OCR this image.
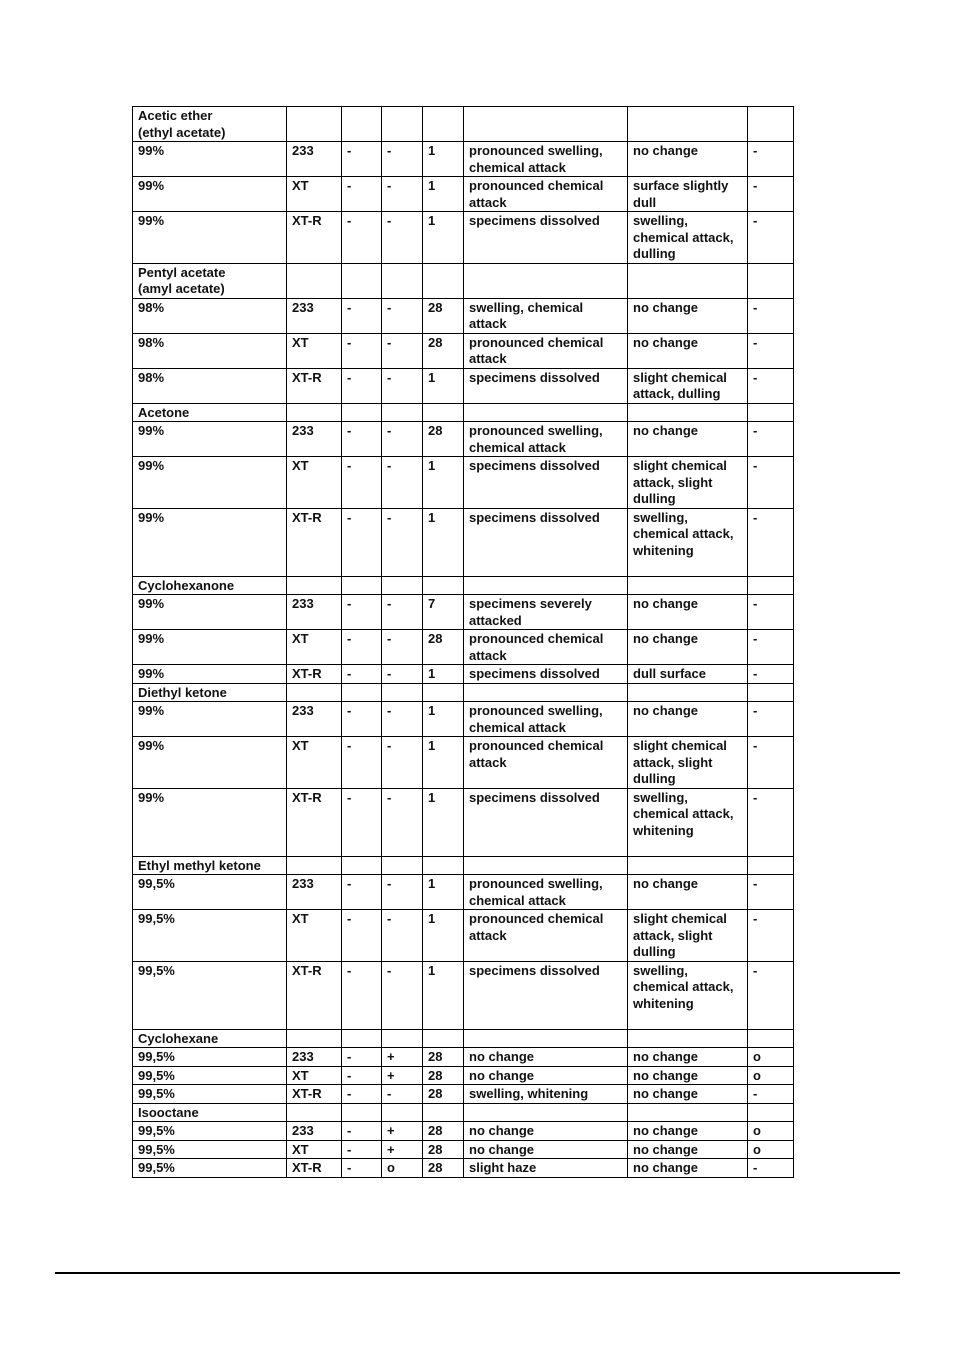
Acetic ether
(ethyl acetate)							
99%	233	-	-	1	pronounced swelling, chemical attack	no change	-
99%	XT	-	-	1	pronounced chemical attack	surface slightly dull	-
99%	XT-R	-	-	1	specimens dissolved	swelling, chemical attack, dulling	-
Pentyl acetate
(amyl acetate)							
98%	233	-	-	28	swelling, chemical attack	no change	-
98%	XT	-	-	28	pronounced chemical attack	no change	-
98%	XT-R	-	-	1	specimens dissolved	slight chemical attack, dulling	-
Acetone							
99%	233	-	-	28	pronounced swelling, chemical attack	no change	-
99%	XT	-	-	1	specimens dissolved	slight chemical attack, slight dulling	-
99%	XT-R	-	-	1	specimens dissolved	swelling, chemical attack, whitening	-
Cyclohexanone							
99%	233	-	-	7	specimens severely attacked	no change	-
99%	XT	-	-	28	pronounced chemical attack	no change	-
99%	XT-R	-	-	1	specimens dissolved	dull surface	-
Diethyl ketone							
99%	233	-	-	1	pronounced swelling, chemical attack	no change	-
99%	XT	-	-	1	pronounced chemical attack	slight chemical attack, slight dulling	-
99%	XT-R	-	-	1	specimens dissolved	swelling, chemical attack, whitening	-
Ethyl methyl ketone							
99,5%	233	-	-	1	pronounced swelling, chemical attack	no change	-
99,5%	XT	-	-	1	pronounced chemical attack	slight chemical attack, slight dulling	-
99,5%	XT-R	-	-	1	specimens dissolved	swelling, chemical attack, whitening	-
Cyclohexane							
99,5%	233	-	+	28	no change	no change	o
99,5%	XT	-	+	28	no change	no change	o
99,5%	XT-R	-	-	28	swelling, whitening	no change	-
Isooctane							
99,5%	233	-	+	28	no change	no change	o
99,5%	XT	-	+	28	no change	no change	o
99,5%	XT-R	-	o	28	slight haze	no change	-
